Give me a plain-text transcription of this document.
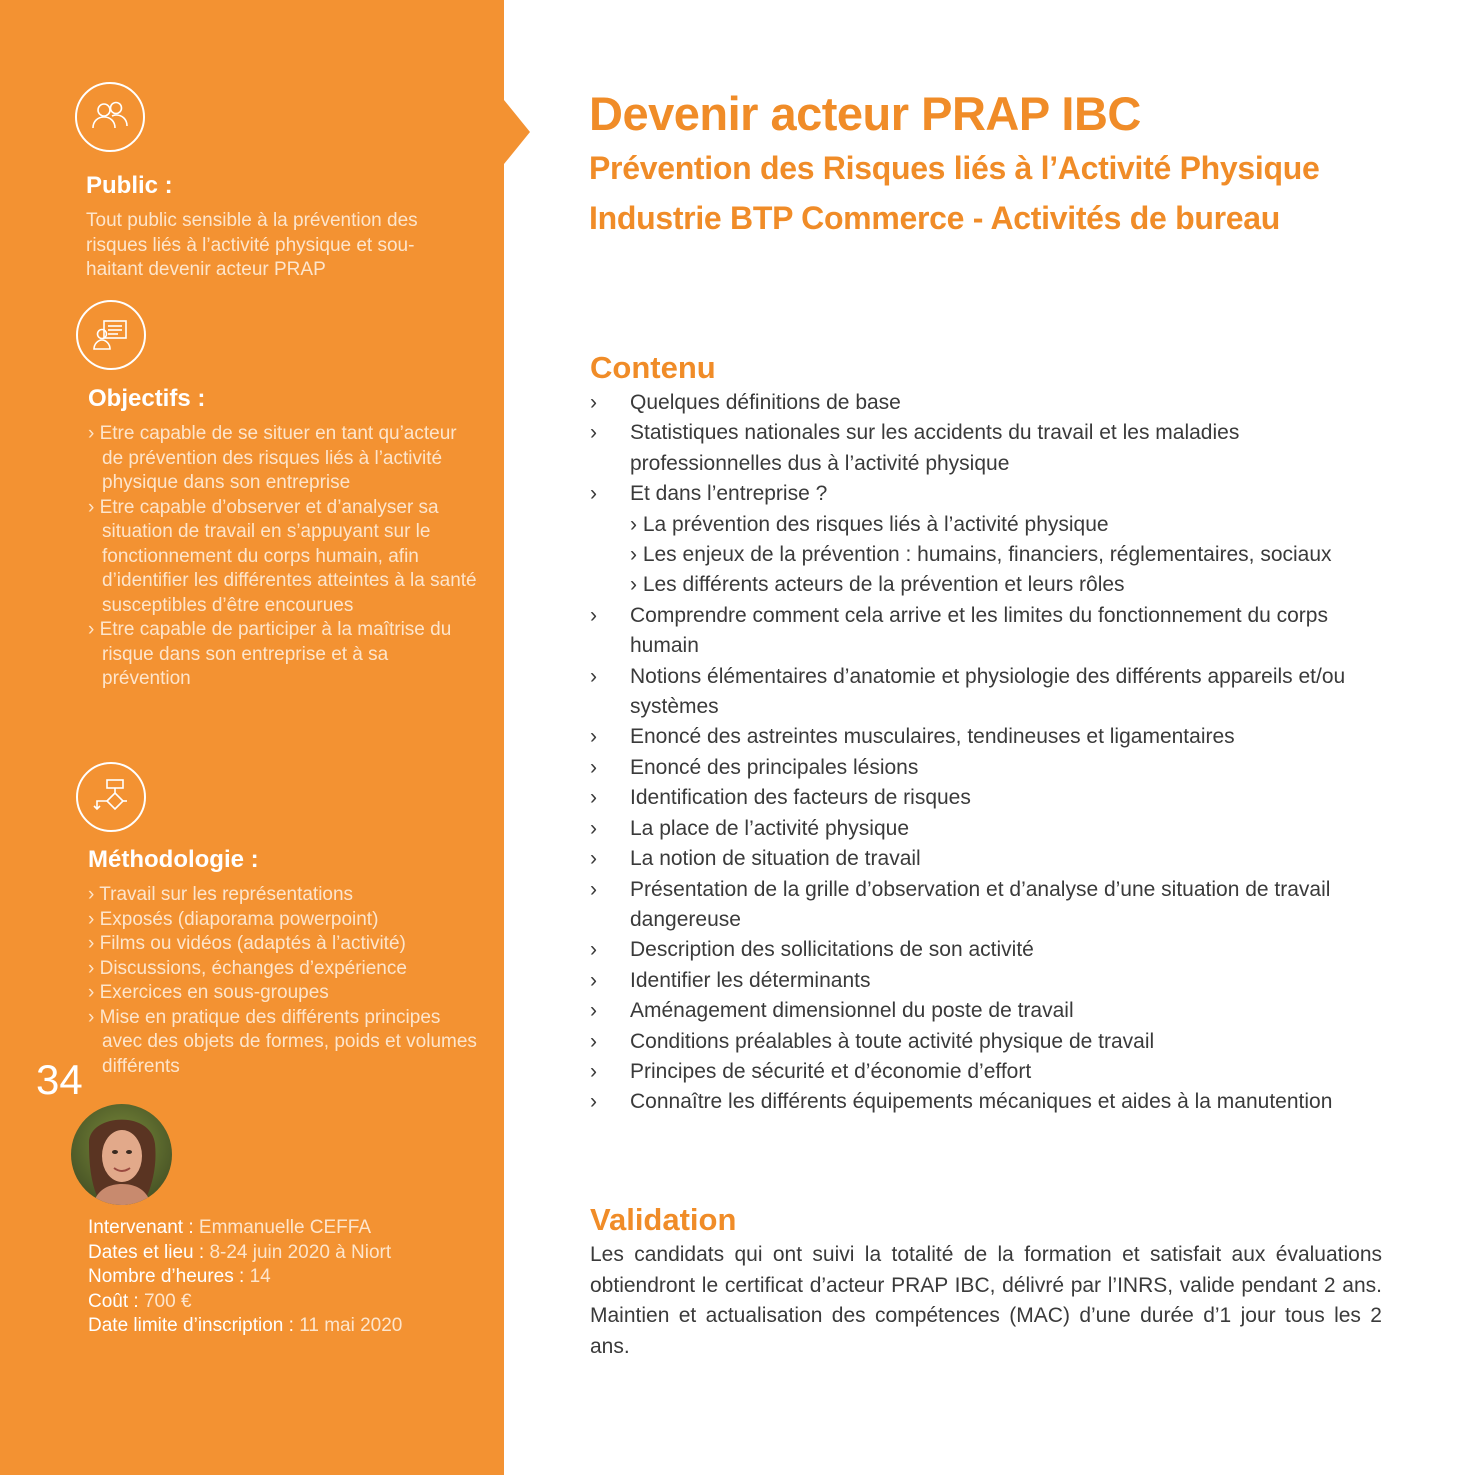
Public :
Tout public sensible à la prévention des
risques liés à l’activité physique et sou-
haitant devenir acteur PRAP
Objectifs :
› Etre capable de se situer en tant qu’acteur de prévention des risques liés à l’activité physique dans son entreprise
› Etre capable d’observer et d’analyser sa situation de travail en s’appuyant sur le fonctionnement du corps humain, afin d’identifier les différentes atteintes à la santé susceptibles d’être encourues
› Etre capable de participer à la maîtrise du risque dans son entreprise et à sa prévention
Méthodologie :
› Travail sur les représentations
› Exposés (diaporama powerpoint)
› Films ou vidéos (adaptés à l’activité)
› Discussions, échanges d’expérience
› Exercices en sous-groupes
› Mise en pratique des différents principes avec des objets de formes, poids et volumes différents
Intervenant : Emmanuelle CEFFA
Dates et lieu : 8-24 juin 2020 à Niort
Nombre d’heures : 14
Coût : 700 €
Date limite d’inscription : 11 mai 2020
34
Devenir acteur PRAP IBC
Prévention des Risques liés à l’Activité Physique
Industrie BTP Commerce - Activités de bureau
Contenu
› Quelques définitions de base
› Statistiques nationales sur les accidents du travail et les maladies professionnelles dus à l’activité physique
› Et dans l’entreprise ?
› La prévention des risques liés à l’activité physique
› Les enjeux de la prévention : humains, financiers, réglementaires, sociaux
› Les différents acteurs de la prévention et leurs rôles
› Comprendre comment cela arrive et les limites du fonctionnement du corps humain
› Notions élémentaires d’anatomie et physiologie des différents appareils et/ou systèmes
› Enoncé des astreintes musculaires, tendineuses et ligamentaires
› Enoncé des principales lésions
› Identification des facteurs de risques
› La place de l’activité physique
› La notion de situation de travail
› Présentation de la grille d’observation et d’analyse d’une situation de travail dangereuse
› Description des sollicitations de son activité
› Identifier les déterminants
› Aménagement dimensionnel du poste de travail
› Conditions préalables à toute activité physique de travail
› Principes de sécurité et d’économie d’effort
› Connaître les différents équipements mécaniques et aides à la manutention
Validation

Les candidats qui ont suivi la totalité de la formation et satisfait aux évaluations obtiendront le certificat d’acteur PRAP IBC, délivré par l’INRS, valide pendant 2 ans. Maintien et actualisation des compétences (MAC) d’une durée d’1 jour tous les 2 ans.
